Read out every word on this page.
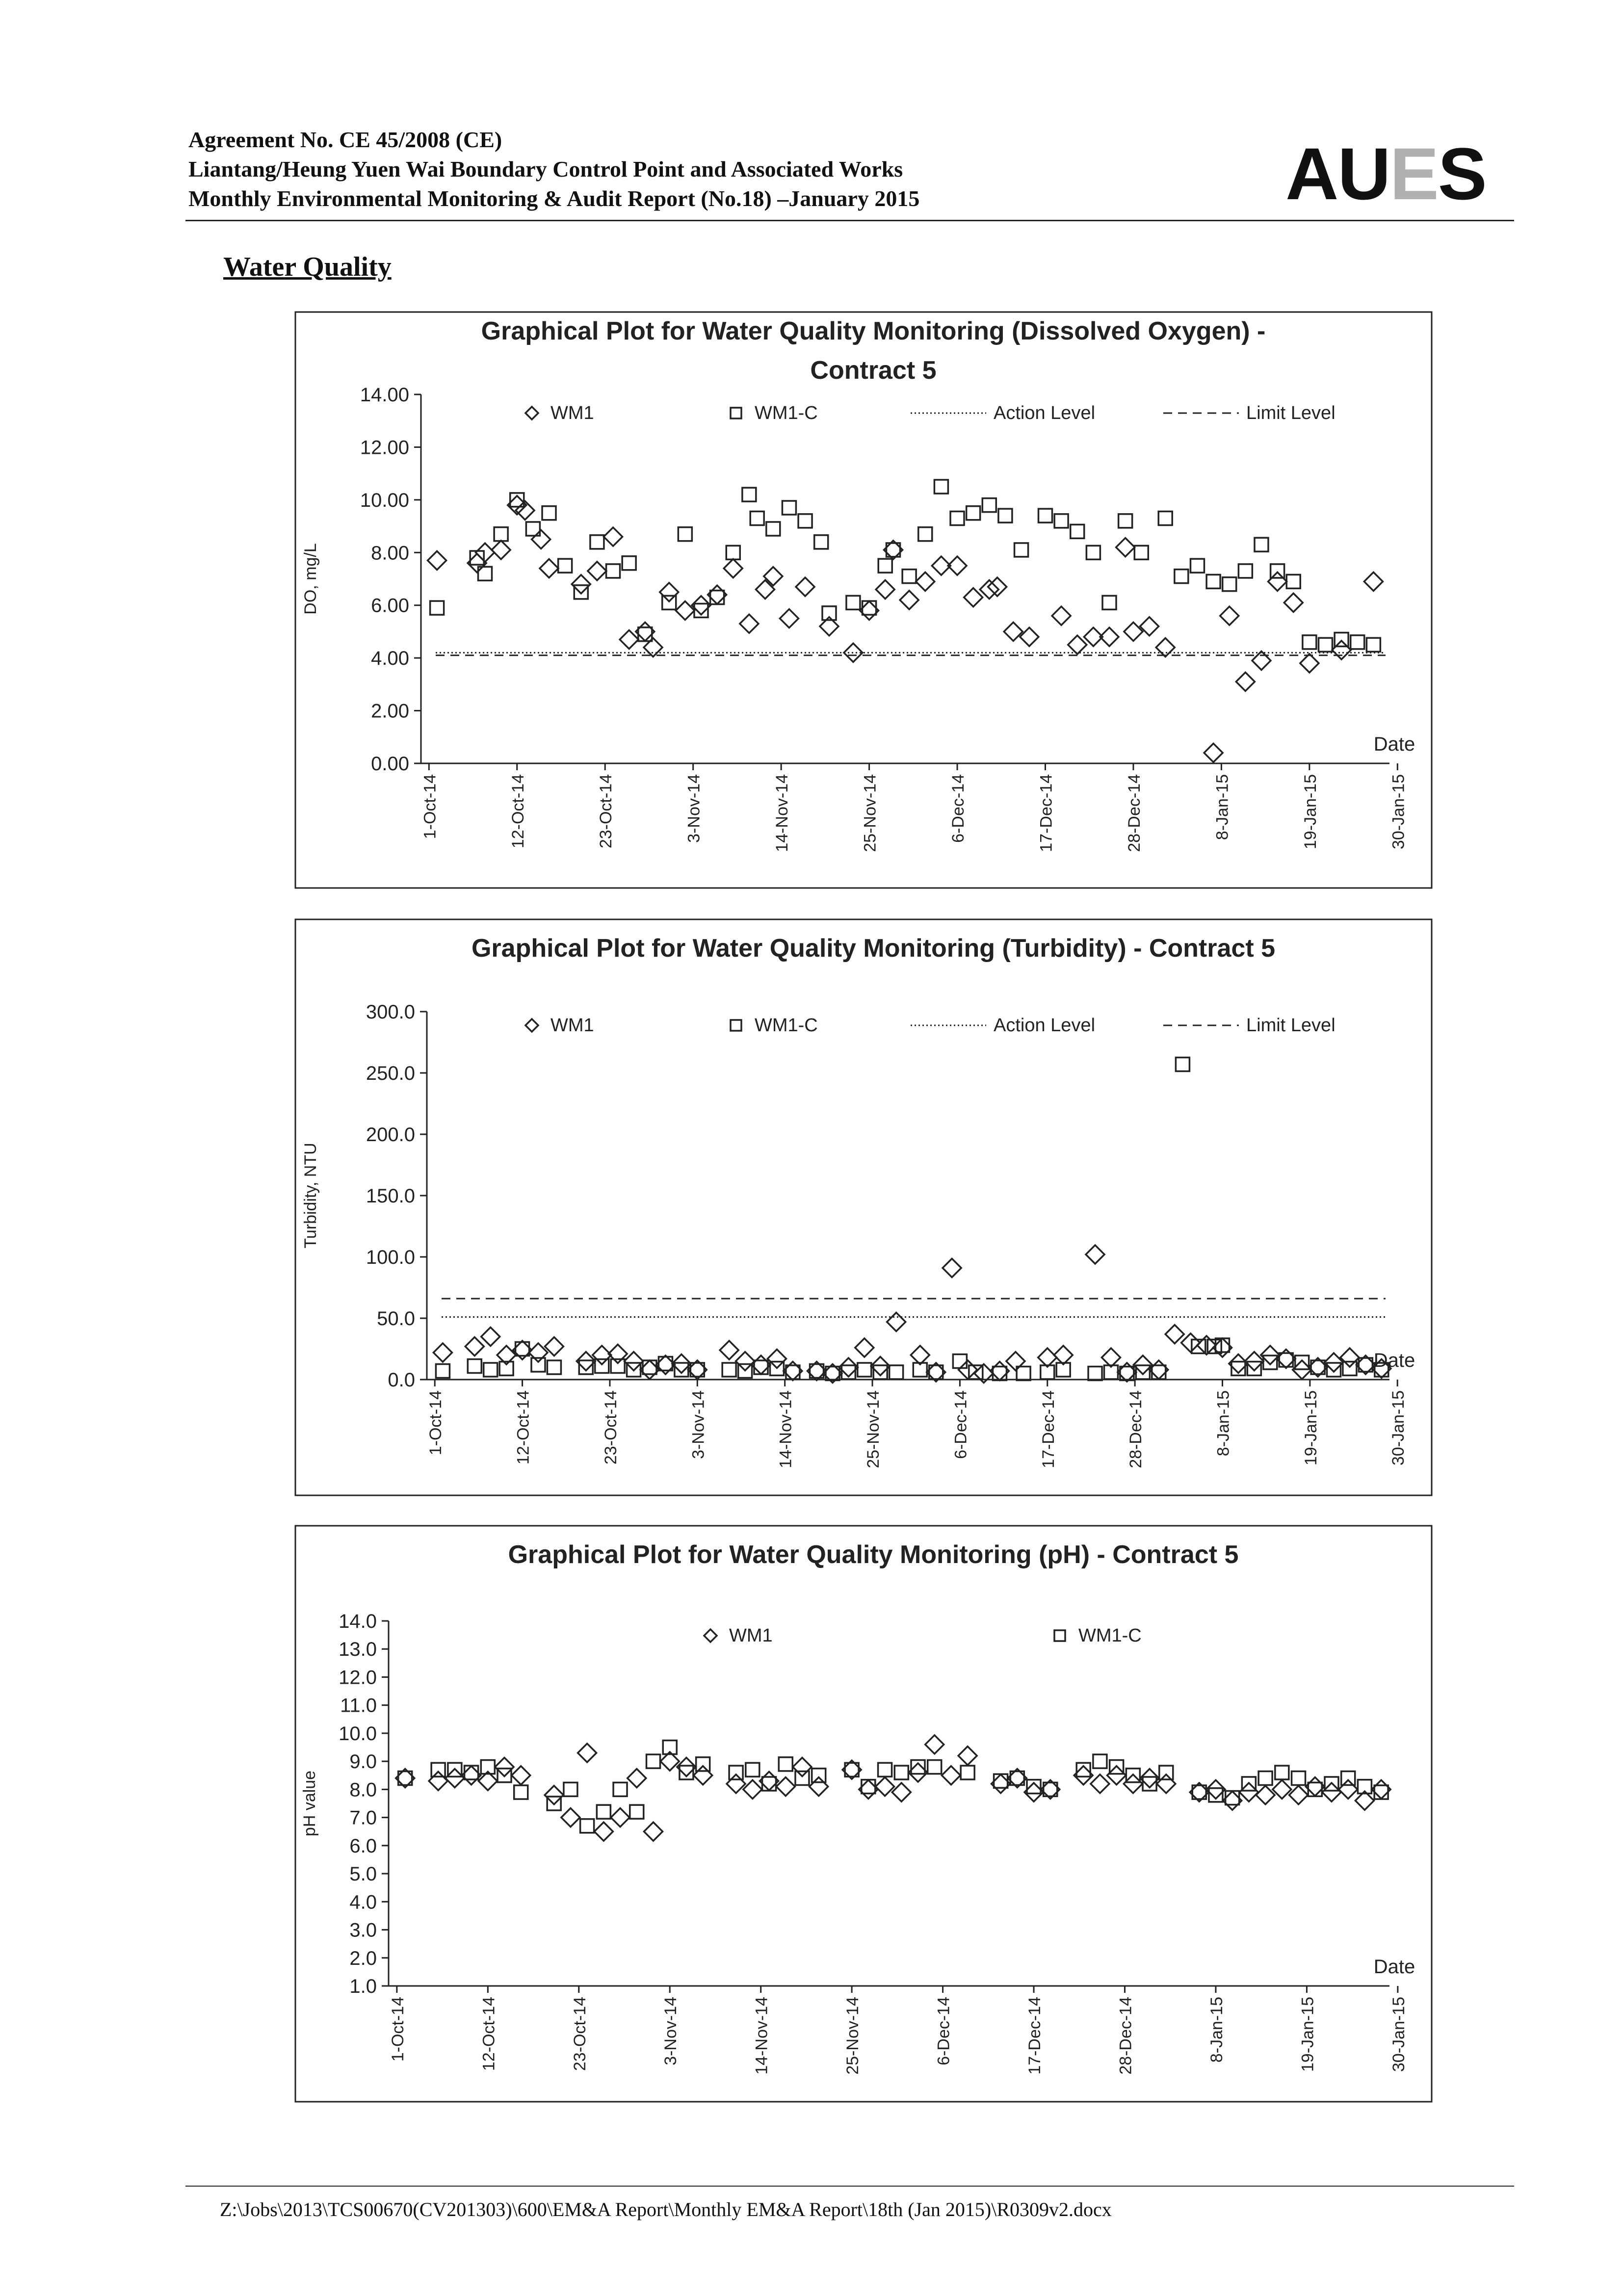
Agreement No. CE 45/2008 (CE)
Liantang/Heung Yuen Wai Boundary Control Point and Associated Works
Monthly Environmental Monitoring & Audit Report (No.18) –January 2015	AUES
Water Quality
Graphical Plot for Water Quality Monitoring (Dissolved Oxygen) -
Contract 5
0.00
2.00
4.00
6.00
8.00
10.00
12.00
14.00
DO, mg/L
1-Oct-14	12-Oct-14	23-Oct-14	3-Nov-14	14-Nov-14	25-Nov-14	6-Dec-14	17-Dec-14	28-Dec-14	8-Jan-15	19-Jan-15	30-Jan-15
Date
WM1	WM1-C	Action Level	Limit Level
Graphical Plot for Water Quality Monitoring (Turbidity) - Contract 5
0.0
50.0
100.0
150.0
200.0
250.0
300.0
Turbidity, NTU
1-Oct-14	12-Oct-14	23-Oct-14	3-Nov-14	14-Nov-14	25-Nov-14	6-Dec-14	17-Dec-14	28-Dec-14	8-Jan-15	19-Jan-15	30-Jan-15
Date
WM1	WM1-C	Action Level	Limit Level
Graphical Plot for Water Quality Monitoring (pH) - Contract 5
1.0
2.0
3.0
4.0
5.0
6.0
7.0
8.0
9.0
10.0
11.0
12.0
13.0
14.0
pH value
1-Oct-14	12-Oct-14	23-Oct-14	3-Nov-14	14-Nov-14	25-Nov-14	6-Dec-14	17-Dec-14	28-Dec-14	8-Jan-15	19-Jan-15	30-Jan-15
Date
WM1	WM1-C
Z:\Jobs\2013\TCS00670(CV201303)\600\EM&A Report\Monthly EM&A Report\18th (Jan 2015)\R0309v2.docx
